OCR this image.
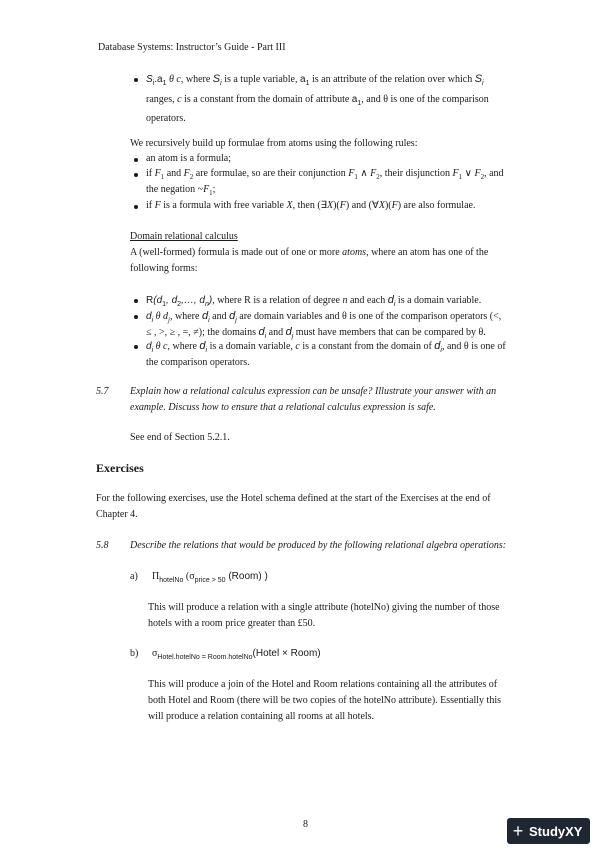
Database Systems: Instructor’s Guide - Part III
$S_i.a_1$ θ c, where $S_i$ is a tuple variable, $a_1$ is an attribute of the relation over which $S_i$
ranges, c is a constant from the domain of attribute $a_1$, and θ is one of the comparison
operators.
We recursively build up formulae from atoms using the following rules:
an atom is a formula;
if $F_1$ and $F_2$ are formulae, so are their conjunction $F_1$ ∧ $F_2$, their disjunction $F_1$ ∨ $F_2$, and
the negation $\sim F_1$;
if F is a formula with free variable X, then (∃X)(F) and (∀X)(F) are also formulae.
Domain relational calculus
A (well-formed) formula is made out of one or more atoms, where an atom has one of the
following forms:
$R(d_1$, $d_2,\dots$, $d_n$), where R is a relation of degree n and each $d_i$ is a domain variable.
$d_i$ θ $d_j$, where $d_i$ and $d_j$ are domain variables and θ is one of the comparison operators (<,
≤ , >, ≥ , =, ≠); the domains $d_i$ and $d_j$ must have members that can be compared by θ.
$d_i$ θ c, where $d_i$ is a domain variable, c is a constant from the domain of $d_i$, and θ is one of
the comparison operators.
5.7 Explain how a relational calculus expression can be unsafe? Illustrate your answer with an
example. Discuss how to ensure that a relational calculus expression is safe.
See end of Section 5.2.1.
Exercises
For the following exercises, use the Hotel schema defined at the start of the Exercises at the end of
Chapter 4.
5.8 Describe the relations that would be produced by the following relational algebra operations:
a) $\Pi_{hotelNo}$ ($\sigma_{price > 50}$ (Room) )
This will produce a relation with a single attribute (hotelNo) giving the number of those
hotels with a room price greater than £50.
b) $\sigma_{Hotel.hotelNo = Room.hotelNo}(Hotel$ × Room)
This will produce a join of the Hotel and Room relations containing all the attributes of
both Hotel and Room (there will be two copies of the hotelNo attribute). Essentially this
will produce a relation containing all rooms at all hotels.
8	+ StudyXY
